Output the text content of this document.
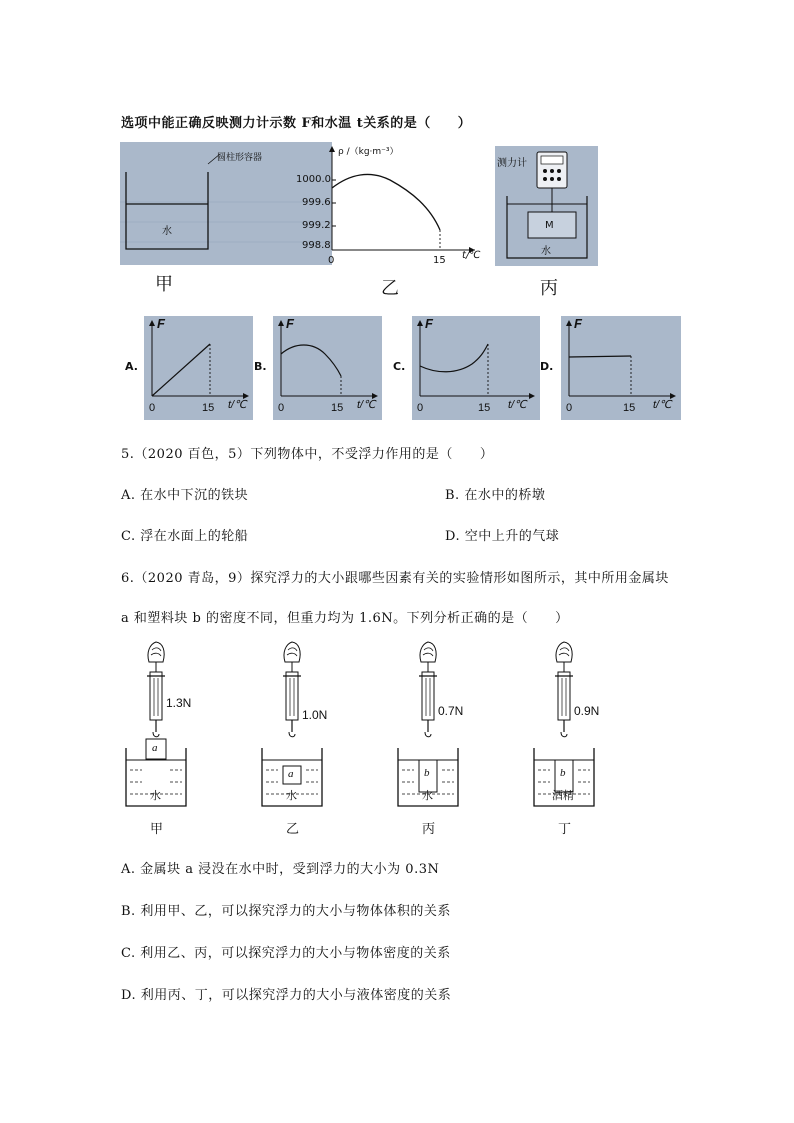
选项中能正确反映测力计示数 F和水温 t关系的是（　　）
圆柱形容器
水
甲
ρ /（kg·m⁻³）
1000.0
999.6
999.2
998.8
0	15 t/℃
乙
测力计
M
水
丙
A.
F
0	15 t/℃
B.
F
0	15 t/℃
C.
F
0	15 t/℃
D.
F
0	15 t/℃
5.（2020 百色，5）下列物体中，不受浮力作用的是（　　）
A. 在水中下沉的铁块	B. 在水中的桥墩
C. 浮在水面上的轮船	D. 空中上升的气球
6.（2020 青岛，9）探究浮力的大小跟哪些因素有关的实验情形如图所示，其中所用金属块
a 和塑料块 b 的密度不同，但重力均为 1.6N。下列分析正确的是（　　）
1.3N
1.0N	0.7N	0.9N
a
a	b	b
水	水	水	酒精
甲	乙	丙	丁
A. 金属块 a 浸没在水中时，受到浮力的大小为 0.3N
B. 利用甲、乙，可以探究浮力的大小与物体体积的关系
C. 利用乙、丙，可以探究浮力的大小与物体密度的关系
D. 利用丙、丁，可以探究浮力的大小与液体密度的关系
